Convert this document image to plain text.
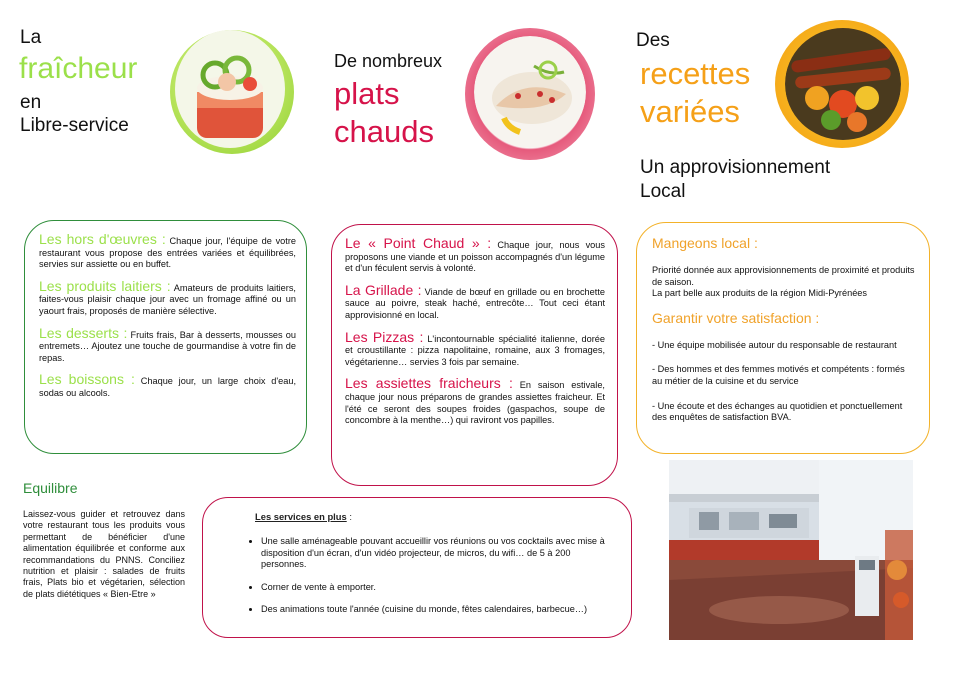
La
fraîcheur
en
Libre-service
De nombreux
plats
chauds
Des
recettes
variées
Un approvisionnement
Local

Les hors d'œuvres : Chaque jour, l'équipe de votre restaurant vous propose des entrées variées et équilibrées, servies sur assiette ou en buffet.

Les produits laitiers : Amateurs de produits laitiers, faites-vous plaisir chaque jour avec un fromage affiné ou un yaourt frais, proposés de manière sélective.

Les desserts : Fruits frais, Bar à desserts, mousses ou entremets… Ajoutez une touche de gourmandise à votre fin de repas.

Les boissons : Chaque jour, un large choix d'eau, sodas ou alcools.

Le « Point Chaud » : Chaque jour, nous vous proposons une viande et un poisson accompagnés d'un légume et d'un féculent servis à volonté.

La Grillade : Viande de bœuf en grillade ou en brochette sauce au poivre, steak haché, entrecôte… Tout ceci étant approvisionné en local.

Les Pizzas : L'incontournable spécialité italienne, dorée et croustillante : pizza napolitaine, romaine, aux 3 fromages, végétarienne… servies 3 fois par semaine.

Les assiettes fraicheurs : En saison estivale, chaque jour nous préparons de grandes assiettes fraicheur. Et l'été ce seront des soupes froides (gaspachos, soupe de concombre à la menthe…) qui raviront vos papilles.

Mangeons local :
Priorité donnée aux approvisionnements de proximité et produits de saison.
La part belle aux produits de la région Midi-Pyrénées
Garantir votre satisfaction :
- Une équipe mobilisée autour du responsable de restaurant
- Des hommes et des femmes motivés et compétents : formés au métier de la cuisine et du service
- Une écoute et des échanges au quotidien et ponctuellement des enquêtes de satisfaction BVA.
Equilibre
Laissez-vous guider et retrouvez dans votre restaurant tous les produits vous permettant de bénéficier d'une alimentation équilibrée et conforme aux recommandations du PNNS. Conciliez nutrition et plaisir : salades de fruits frais, Plats bio et végétarien, sélection de plats diététiques « Bien-Etre »
Les services en plus :
• Une salle aménageable pouvant accueillir vos réunions ou vos cocktails avec mise à disposition d'un écran, d'un vidéo projecteur, de micros, du wifi… de 5 à 200 personnes.
• Corner de vente à emporter.
• Des animations toute l'année (cuisine du monde, fêtes calendaires, barbecue…)
